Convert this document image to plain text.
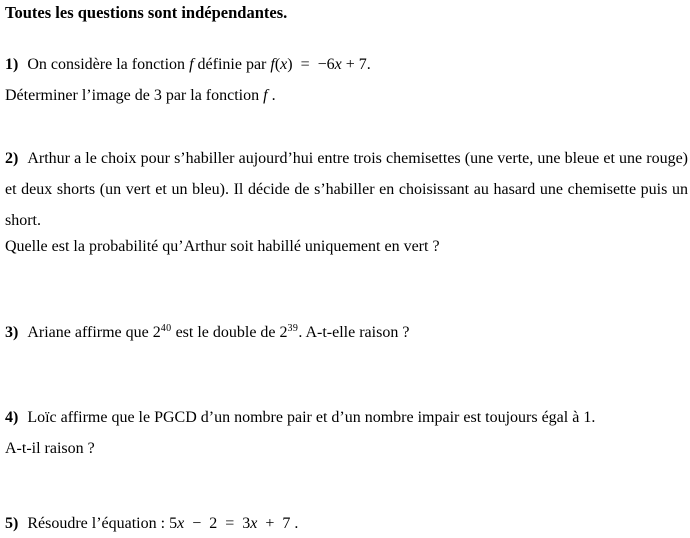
Toutes les questions sont indépendantes.
1) On considère la fonction f définie par f(x)  =  −6x + 7.
Déterminer l’image de 3 par la fonction f .
2) Arthur a le choix pour s’habiller aujourd’hui entre trois chemisettes (une verte, une bleue et une rouge)
et deux shorts (un vert et un bleu). Il décide de s’habiller en choisissant au hasard une chemisette puis un
short.
Quelle est la probabilité qu’Arthur soit habillé uniquement en vert ?
3) Ariane affirme que $2^{40}$ est le double de $2^{39}$. A-t-elle raison ?
4) Loïc affirme que le PGCD d’un nombre pair et d’un nombre impair est toujours égal à 1.
A-t-il raison ?
5) Résoudre l’équation : 5x  −  2  =  3x  +  7 .
